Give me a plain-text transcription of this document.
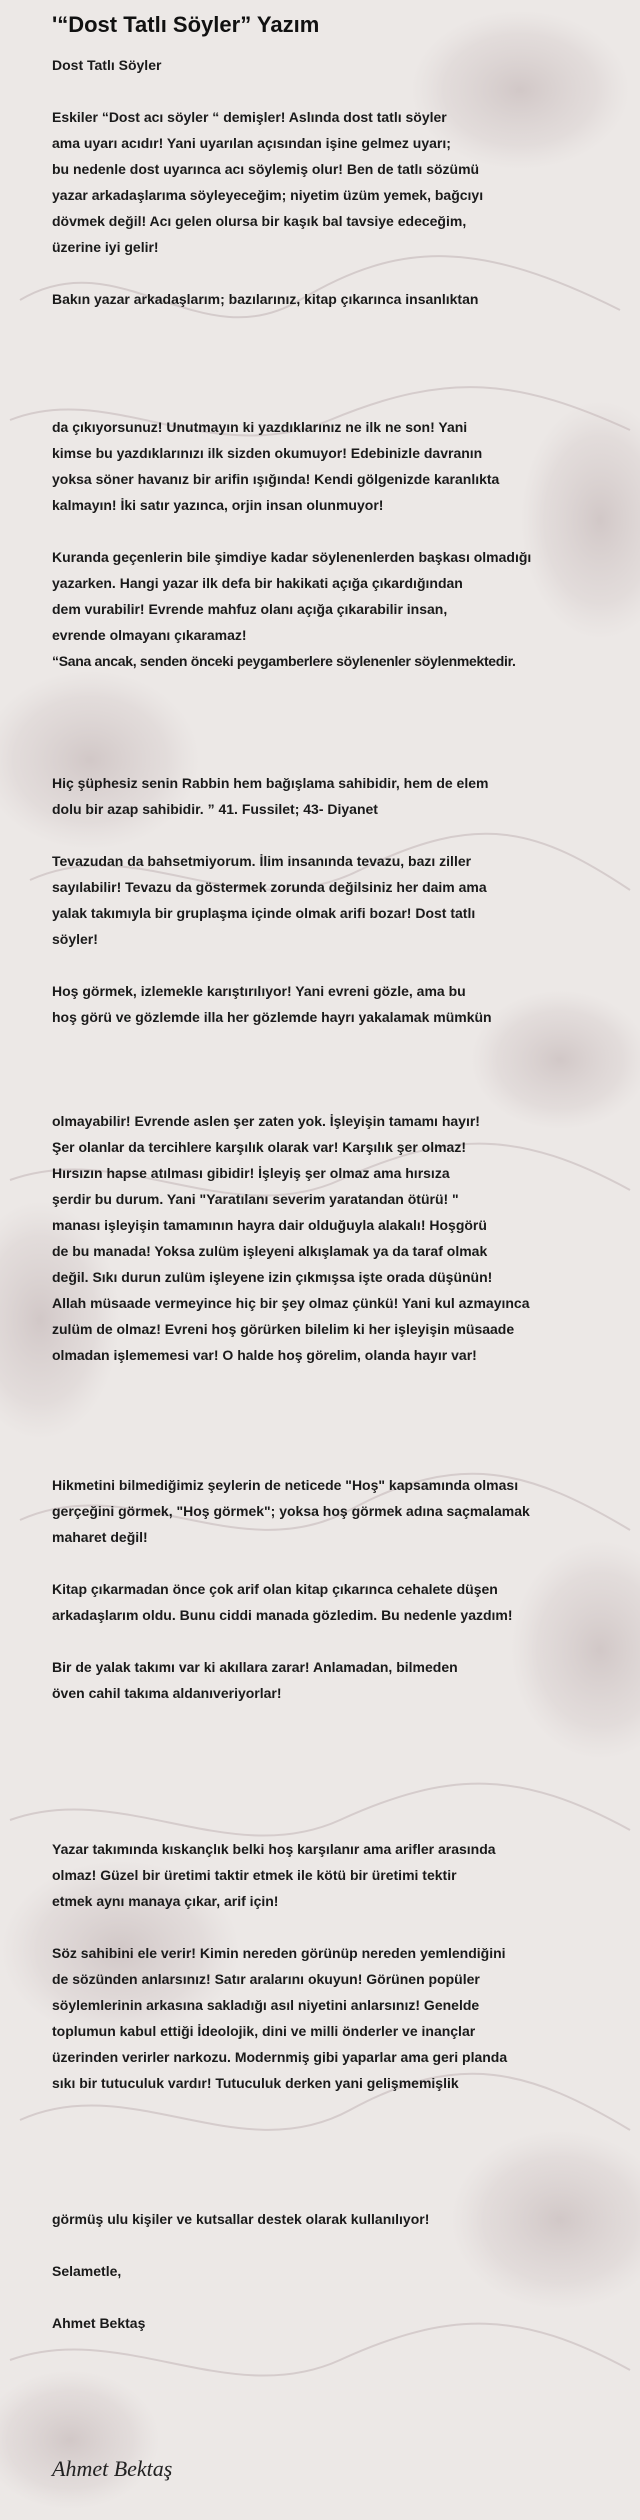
'“Dost Tatlı Söyler” Yazım
Dost Tatlı Söyler
Eskiler “Dost acı söyler “ demişler! Aslında dost tatlı söyler
ama uyarı acıdır! Yani uyarılan açısından işine gelmez uyarı;
bu nedenle dost uyarınca acı söylemiş olur! Ben de tatlı sözümü
yazar arkadaşlarıma söyleyeceğim; niyetim üzüm yemek, bağcıyı
dövmek değil! Acı gelen olursa bir kaşık bal tavsiye edeceğim,
üzerine iyi gelir!
Bakın yazar arkadaşlarım; bazılarınız, kitap çıkarınca insanlıktan
da çıkıyorsunuz! Unutmayın ki yazdıklarınız ne ilk ne son! Yani
kimse bu yazdıklarınızı ilk sizden okumuyor! Edebinizle davranın
yoksa söner havanız bir arifin ışığında! Kendi gölgenizde karanlıkta
kalmayın! İki satır yazınca, orjin insan olunmuyor!
Kuranda geçenlerin bile şimdiye kadar söylenenlerden başkası olmadığı
yazarken. Hangi yazar ilk defa bir hakikati açığa çıkardığından
dem vurabilir! Evrende mahfuz olanı açığa çıkarabilir insan,
evrende olmayanı çıkaramaz!
“Sana ancak, senden önceki peygamberlere söylenenler söylenmektedir.
Hiç şüphesiz senin Rabbin hem bağışlama sahibidir, hem de elem
dolu bir azap sahibidir. ” 41. Fussilet; 43- Diyanet
Tevazudan da bahsetmiyorum. İlim insanında tevazu, bazı ziller
sayılabilir! Tevazu da göstermek zorunda değilsiniz her daim ama
yalak takımıyla bir gruplaşma içinde olmak arifi bozar! Dost tatlı
söyler!
Hoş görmek, izlemekle karıştırılıyor! Yani evreni gözle, ama bu
hoş görü ve gözlemde illa her gözlemde hayrı yakalamak mümkün
olmayabilir! Evrende aslen şer zaten yok. İşleyişin tamamı hayır!
Şer olanlar da tercihlere karşılık olarak var! Karşılık şer olmaz!
Hırsızın hapse atılması gibidir! İşleyiş şer olmaz ama hırsıza
şerdir bu durum. Yani "Yaratılanı severim yaratandan ötürü! "
manası işleyişin tamamının hayra dair olduğuyla alakalı! Hoşgörü
de bu manada! Yoksa zulüm işleyeni alkışlamak ya da taraf olmak
değil. Sıkı durun zulüm işleyene izin çıkmışsa işte orada düşünün!
Allah müsaade vermeyince hiç bir şey olmaz çünkü! Yani kul azmayınca
zulüm de olmaz! Evreni hoş görürken bilelim ki her işleyişin müsaade
olmadan işlememesi var! O halde hoş görelim, olanda hayır var!
Hikmetini bilmediğimiz şeylerin de neticede "Hoş" kapsamında olması
gerçeğini görmek, "Hoş görmek"; yoksa hoş görmek adına saçmalamak
maharet değil!
Kitap çıkarmadan önce çok arif olan kitap çıkarınca cehalete düşen
arkadaşlarım oldu. Bunu ciddi manada gözledim. Bu nedenle yazdım!
Bir de yalak takımı var ki akıllara zarar! Anlamadan, bilmeden
öven cahil takıma aldanıveriyorlar!
Yazar takımında kıskançlık belki hoş karşılanır ama arifler arasında
olmaz! Güzel bir üretimi taktir etmek ile kötü bir üretimi tektir
etmek aynı manaya çıkar, arif için!
Söz sahibini ele verir! Kimin nereden görünüp nereden yemlendiğini
de sözünden anlarsınız! Satır aralarını okuyun! Görünen popüler
söylemlerinin arkasına sakladığı asıl niyetini anlarsınız! Genelde
toplumun kabul ettiği İdeolojik, dini ve milli önderler ve inançlar
üzerinden verirler narkozu. Modernmiş gibi yaparlar ama geri planda
sıkı bir tutuculuk vardır! Tutuculuk derken yani gelişmemişlik
görmüş ulu kişiler ve kutsallar destek olarak kullanılıyor!
Selametle,
Ahmet Bektaş
Ahmet Bektaş
